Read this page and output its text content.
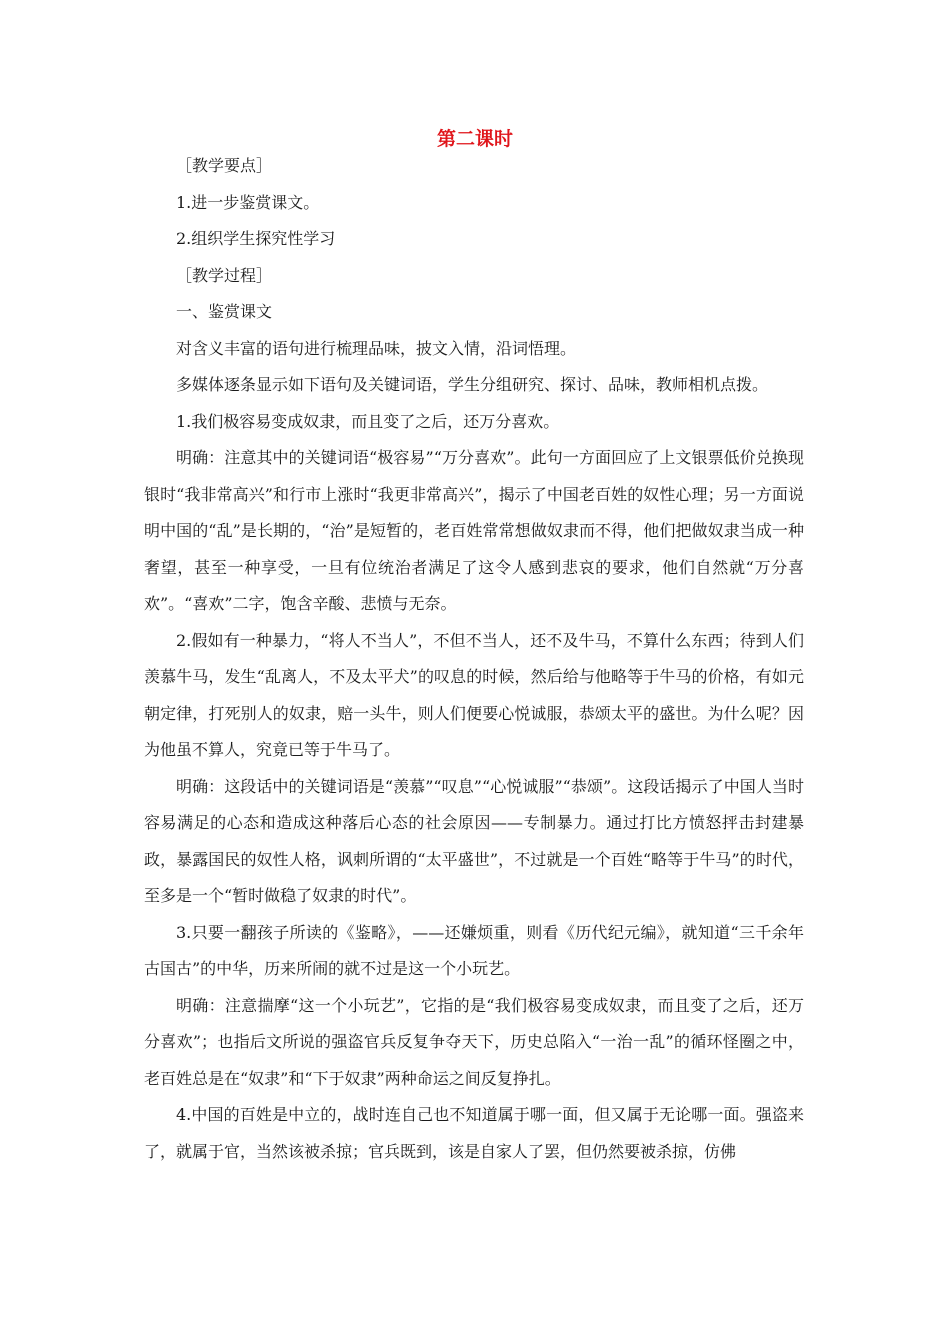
第二课时

［教学要点］

1.进一步鉴赏课文。

2.组织学生探究性学习

［教学过程］

一、鉴赏课文

对含义丰富的语句进行梳理品味，披文入情，沿词悟理。

多媒体逐条显示如下语句及关键词语，学生分组研究、探讨、品味，教师相机点拨。

1.我们极容易变成奴隶，而且变了之后，还万分喜欢。

明确：注意其中的关键词语“极容易”“万分喜欢”。此句一方面回应了上文银票低价兑换现银时“我非常高兴”和行市上涨时“我更非常高兴”，揭示了中国老百姓的奴性心理；另一方面说明中国的“乱”是长期的，“治”是短暂的，老百姓常常想做奴隶而不得，他们把做奴隶当成一种奢望，甚至一种享受，一旦有位统治者满足了这令人感到悲哀的要求，他们自然就“万分喜欢”。“喜欢”二字，饱含辛酸、悲愤与无奈。

2.假如有一种暴力，“将人不当人”，不但不当人，还不及牛马，不算什么东西；待到人们羡慕牛马，发生“乱离人，不及太平犬”的叹息的时候，然后给与他略等于牛马的价格，有如元朝定律，打死别人的奴隶，赔一头牛，则人们便要心悦诚服，恭颂太平的盛世。为什么呢？因为他虽不算人，究竟已等于牛马了。

明确：这段话中的关键词语是“羡慕”“叹息”“心悦诚服”“恭颂”。这段话揭示了中国人当时容易满足的心态和造成这种落后心态的社会原因——专制暴力。通过打比方愤怒抨击封建暴政，暴露国民的奴性人格，讽刺所谓的“太平盛世”，不过就是一个百姓“略等于牛马”的时代，至多是一个“暂时做稳了奴隶的时代”。

3.只要一翻孩子所读的《鉴略》，——还嫌烦重，则看《历代纪元编》，就知道“三千余年古国古”的中华，历来所闹的就不过是这一个小玩艺。

明确：注意揣摩“这一个小玩艺”，它指的是“我们极容易变成奴隶，而且变了之后，还万分喜欢”；也指后文所说的强盗官兵反复争夺天下，历史总陷入“一治一乱”的循环怪圈之中，老百姓总是在“奴隶”和“下于奴隶”两种命运之间反复挣扎。

4.中国的百姓是中立的，战时连自己也不知道属于哪一面，但又属于无论哪一面。强盗来了，就属于官，当然该被杀掠；官兵既到，该是自家人了罢，但仍然要被杀掠，仿佛
